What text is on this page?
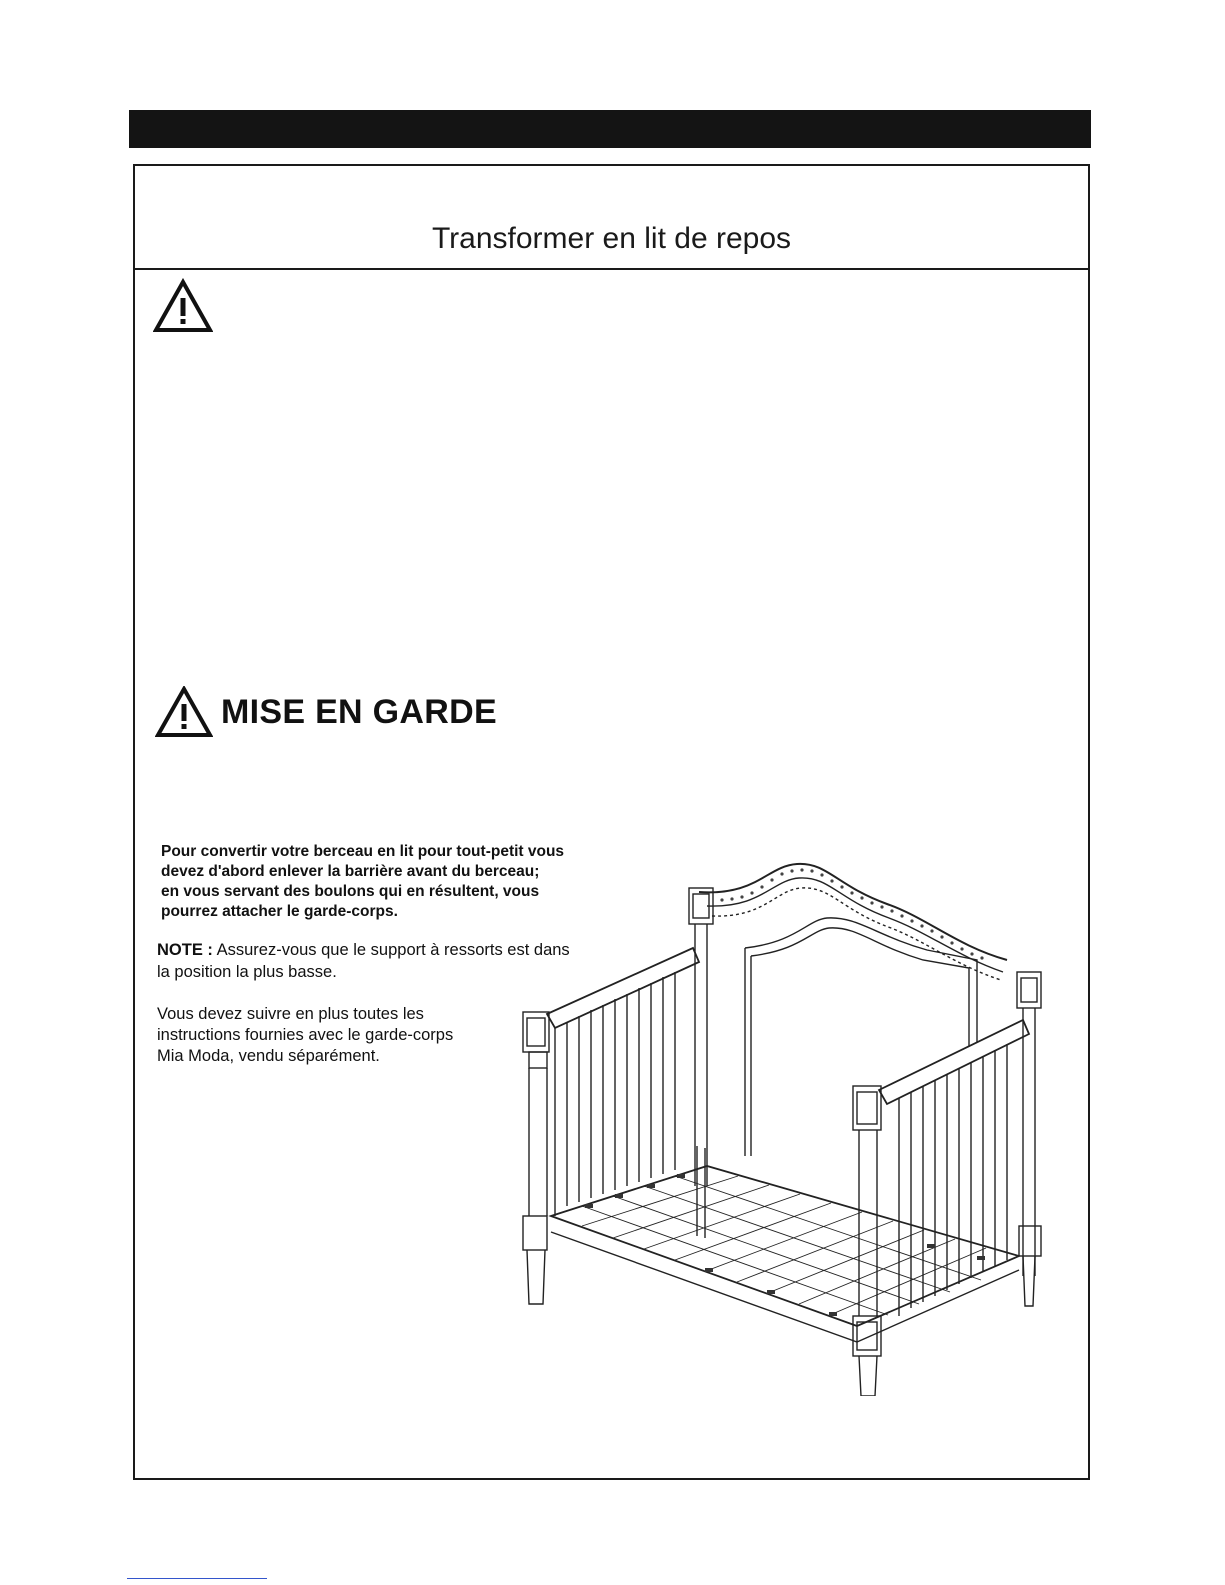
Transformer en lit de repos
MISE EN GARDE
Pour convertir votre berceau en lit pour tout-petit vous
devez d'abord enlever la barrière avant du berceau;
en vous servant des boulons qui en résultent, vous
pourrez attacher le garde-corps.
NOTE : Assurez-vous que le support à ressorts est dans la position la plus basse.
Vous devez suivre en plus toutes les
instructions fournies avec le garde-corps
Mia Moda, vendu séparément.
